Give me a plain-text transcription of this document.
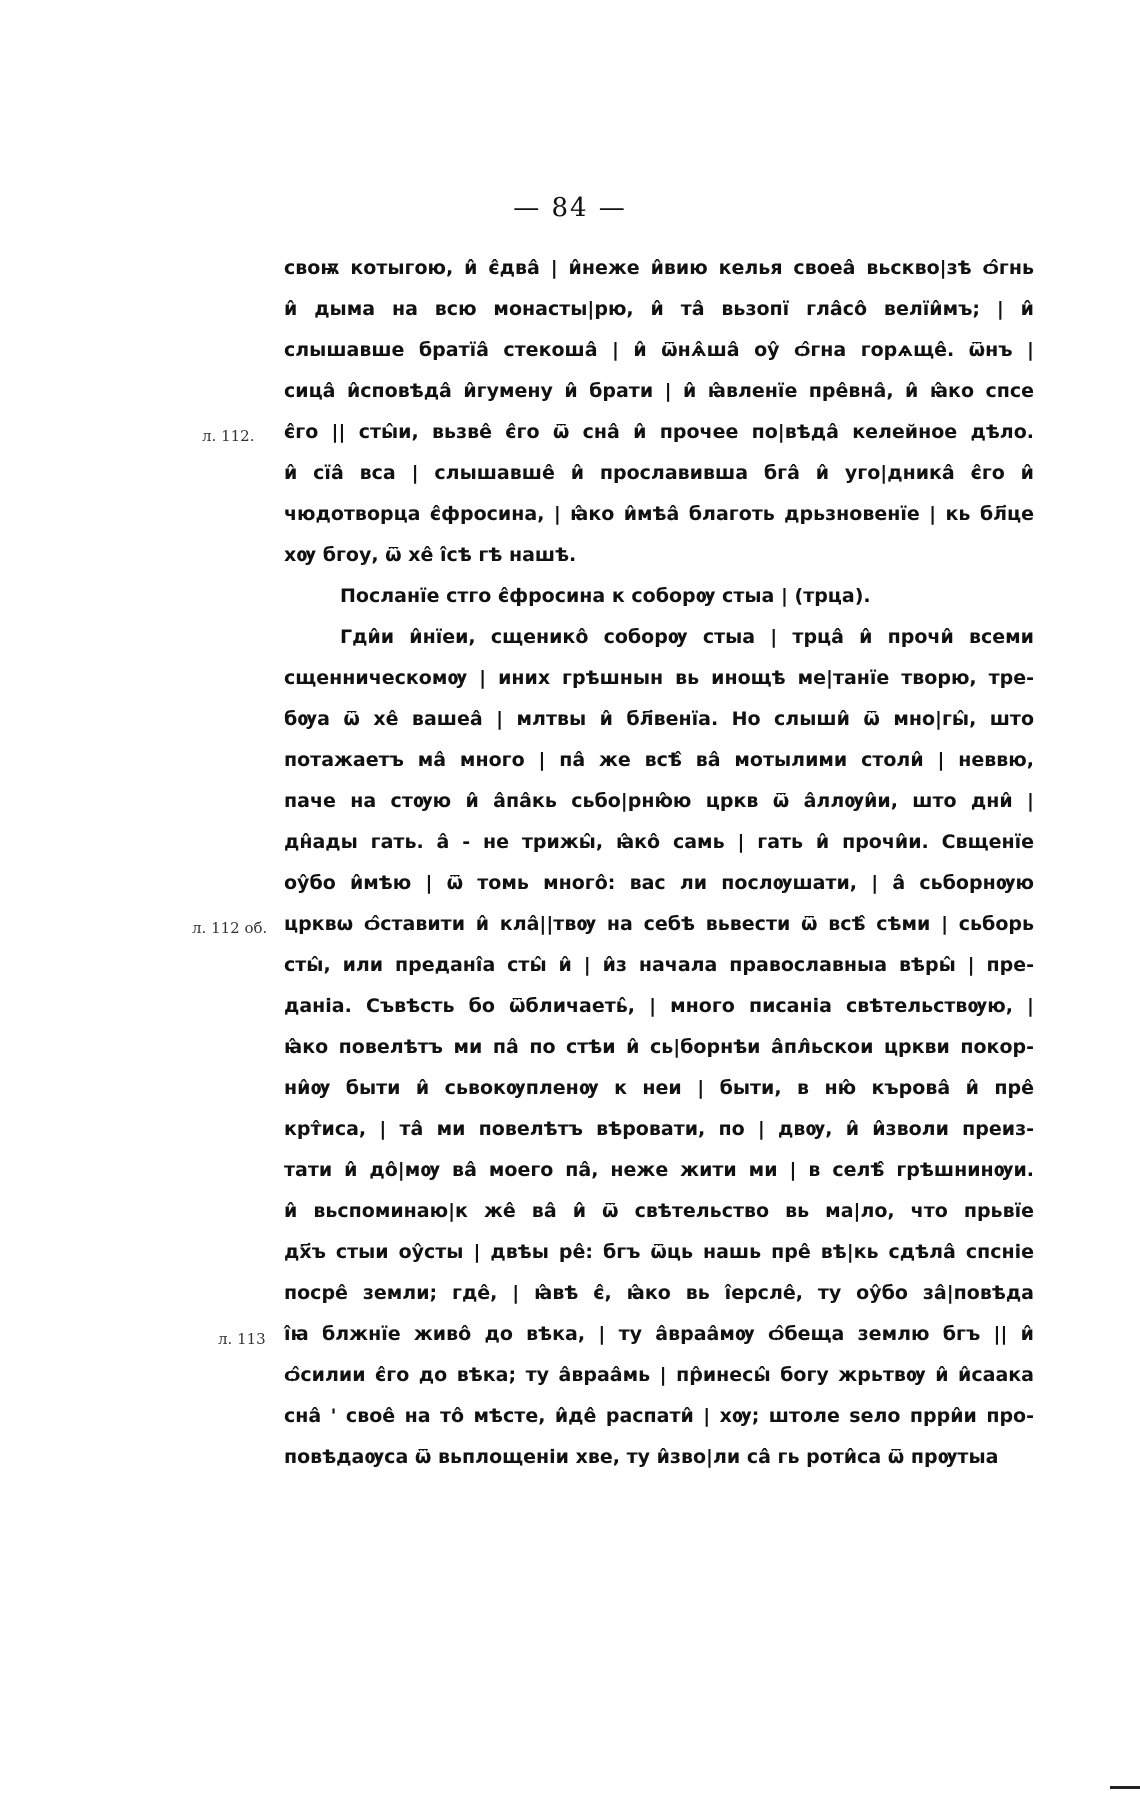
— 84 —
своѭ котыгою, и̂ є̂два̂ | и̂неже и̂вию келья своеа̂ вьскво|зѣ ѻ̂гнь
и̂ дыма на всю монасты|рю, и̂ та̂ вьзопї гла̂со̂ велїи̂мъ; | и̂
слышавше братїа̂ стекоша̂ | и̂ ѿнѧ̂ша̂ оу̂ ѻ̂гна горѧще̂. ѿнъ |
сица̂ и̂сповѣда̂ и̂гумену и̂ брати | и̂ ꙗ̂вленїе пре̂вна̂, и̂ ꙗ̂ко спсе
є̂го || сты̂и, вьзве̂ є̂го ѿ сна̂ и̂ прочее по|вѣда̂ келейное дѣло.
и̂ сїа̂ вса | слышавше̂ и̂ прославивша бга̂ и̂ уго|дника̂ є̂го и̂
чюдотворца є̂фросина, | ꙗ̂ко и̂мѣа̂ благоть дрьзновенїе | кь бл҃це
хѹ бгоу, ѿ хе̂ і̂сѣ гѣ нашѣ.
Посланїе стго є̂фросина к соборѹ стыа | (трца).
Гди̂и и̂нїеи, сщенико̂ соборѹ стыа | трца̂ и̂ прочи̂ всеми
сщенническомѹ | иних грѣшнын вь инощѣ ме|танїе творю, тре-
бѹа ѿ хе̂ вашеа̂ | млтвы и̂ бл҃венїа. Но слыши̂ ѿ мно|гы̂, што
потажаетъ ма̂ много | па̂ же всѣ̂ ва̂ мотылими столи̂ | неввю,
паче на стѹю и̂ а̂па̂кь сьбо|рню̂ю цркв ѿ а̂ллѹи̂и, што дни̂ |
дн̂ады гать. а̂ - не трижы̂, ꙗ̂ко̂ самь | гать и̂ прочи̂и. Свщенїе
оу̂бо и̂мѣю | ѿ томь много̂: вас ли послѹшати, | а̂ сьборнѹю
црквѡ ѻ̂ставити и̂ кла̂||твѹ на себѣ вьвести ѿ всѣ̂ сѣми | сьборь
сты̂, или предані̂а сты̂ и̂ | и̂з начала православныа вѣры̂ | пре-
даніа. Съвѣсть бо ѿбличаеть̂, | много писаніа свѣтельствѹю, |
ꙗ̂ко повелѣтъ ми па̂ по стѣи и̂ сь|борнѣи а̂пл̂ьскои цркви покор-
ни̂ѹ быти и̂ сьвокѹпленѹ к неи | быти, в ню̂ кърова̂ и̂ пре̂
крт̂иса, | та̂ ми повелѣтъ вѣровати, по | двѹ, и̂ и̂зволи преиз-
тати и̂ до̂|мѹ ва̂ моего па̂, неже жити ми | в селѣ̂ грѣшнинѹи.
и̂ вьспоминаю|к же̂ ва̂ и̂ ѿ свѣтельство вь ма|ло, что прьвїе
дх҃ъ стыи оу̂сты | двѣы ре̂: бгъ ѿць нашь пре̂ вѣ|кь сдѣла̂ спсніе
посре̂ земли; где̂, | ꙗ̂вѣ є̂, ꙗ̂ко вь і̂ерсле̂, ту оу̂бо за̂|повѣда
і̂ꙗ блжнїе живо̂ до вѣка, | ту а̂враа̂мѹ ѻ̂беща землю бгъ || и̂
ѻ̂силии є̂го до вѣка; ту а̂враа̂мь | пр̂инесы̂ богу жрьтвѹ и̂ и̂саака
сна̂ ' свое̂ на то̂ мѣсте, и̂де̂ распати̂ | хѹ; штоле ѕело прри̂и про-
повѣдаѹса ѿ вьплощеніи хве, ту и̂зво|ли са̂ гь роти̂са ѿ прѹтыа
л. 112.
л. 112 об.
л. 113
